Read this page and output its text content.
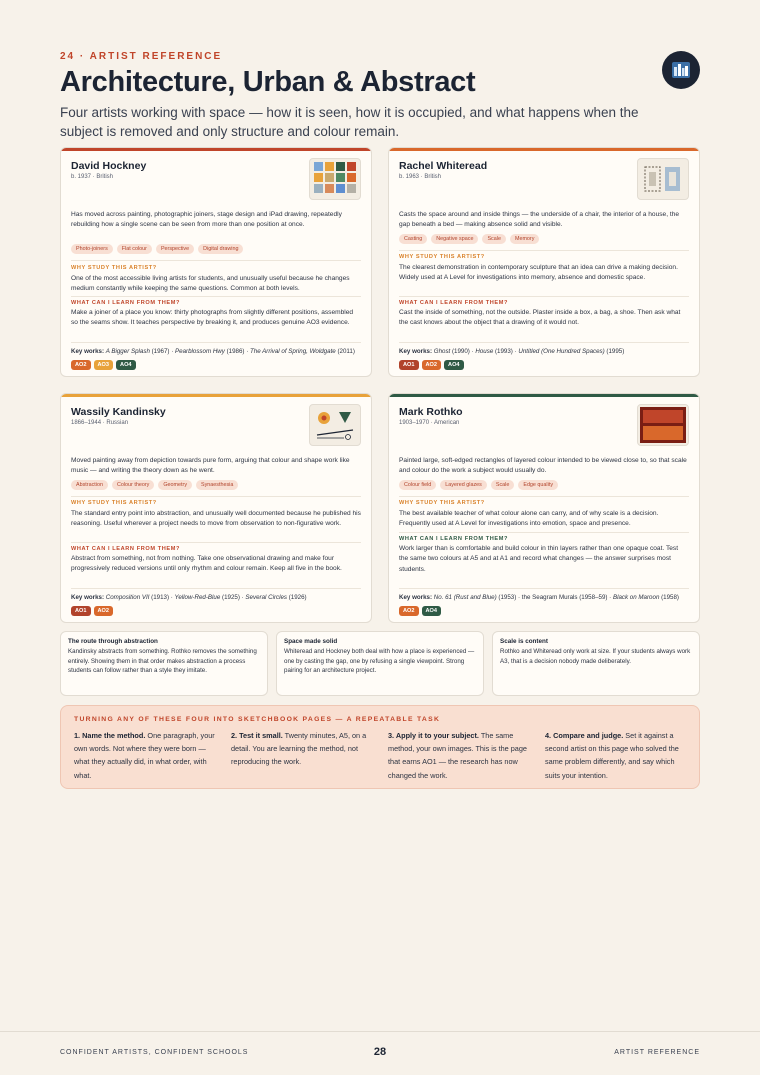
24 · ARTIST REFERENCE
Architecture, Urban & Abstract
Four artists working with space — how it is seen, how it is occupied, and what happens when the subject is removed and only structure and colour remain.
David Hockney
b. 1937 · British
Has moved across painting, photographic joiners, stage design and iPad drawing, repeatedly rebuilding how a single scene can be seen from more than one position at once.
Photo-joiners	Flat colour	Perspective	Digital drawing
WHY STUDY THIS ARTIST?
One of the most accessible living artists for students, and unusually useful because he changes medium constantly while keeping the same questions. Common at both levels.
WHAT CAN I LEARN FROM THEM?
Make a joiner of a place you know: thirty photographs from slightly different positions, assembled so the seams show. It teaches perspective by breaking it, and produces genuine AO3 evidence.
Key works: A Bigger Splash (1967) · Pearblossom Hwy (1986) · The Arrival of Spring, Woldgate (2011)
AO2	AO3	AO4
Rachel Whiteread
b. 1963 · British
Casts the space around and inside things — the underside of a chair, the interior of a house, the gap beneath a bed — making absence solid and visible.
Casting	Negative space	Scale	Memory
WHY STUDY THIS ARTIST?
The clearest demonstration in contemporary sculpture that an idea can drive a making decision. Widely used at A Level for investigations into memory, absence and domestic space.
WHAT CAN I LEARN FROM THEM?
Cast the inside of something, not the outside. Plaster inside a box, a bag, a shoe. Then ask what the cast knows about the object that a drawing of it would not.
Key works: Ghost (1990) · House (1993) · Untitled (One Hundred Spaces) (1995)
AO1	AO2	AO4
Wassily Kandinsky
1866–1944 · Russian
Moved painting away from depiction towards pure form, arguing that colour and shape work like music — and writing the theory down as he went.
Abstraction	Colour theory	Geometry	Synaesthesia
WHY STUDY THIS ARTIST?
The standard entry point into abstraction, and unusually well documented because he published his reasoning. Useful wherever a project needs to move from observation to non-figurative work.
WHAT CAN I LEARN FROM THEM?
Abstract from something, not from nothing. Take one observational drawing and make four progressively reduced versions until only rhythm and colour remain. Keep all five in the book.
Key works: Composition VII (1913) · Yellow-Red-Blue (1925) · Several Circles (1926)
AO1	AO2
Mark Rothko
1903–1970 · American
Painted large, soft-edged rectangles of layered colour intended to be viewed close to, so that scale and colour do the work a subject would usually do.
Colour field	Layered glazes	Scale	Edge quality
WHY STUDY THIS ARTIST?
The best available teacher of what colour alone can carry, and of why scale is a decision. Frequently used at A Level for investigations into emotion, space and presence.
WHAT CAN I LEARN FROM THEM?
Work larger than is comfortable and build colour in thin layers rather than one opaque coat. Test the same two colours at A5 and at A1 and record what changes — the answer surprises most students.
Key works: No. 61 (Rust and Blue) (1953) · the Seagram Murals (1958–59) · Black on Maroon (1958)
AO2	AO4
The route through abstraction
Kandinsky abstracts from something. Rothko removes the something entirely. Showing them in that order makes abstraction a process students can follow rather than a style they imitate.
Space made solid
Whiteread and Hockney both deal with how a place is experienced — one by casting the gap, one by refusing a single viewpoint. Strong pairing for an architecture project.
Scale is content
Rothko and Whiteread only work at size. If your students always work A3, that is a decision nobody made deliberately.
TURNING ANY OF THESE FOUR INTO SKETCHBOOK PAGES — A REPEATABLE TASK
1. Name the method. One paragraph, your own words. Not where they were born — what they actually did, in what order, with what.
2. Test it small. Twenty minutes, A5, on a detail. You are learning the method, not reproducing the work.
3. Apply it to your subject. The same method, your own images. This is the page that earns AO1 — the research has now changed the work.
4. Compare and judge. Set it against a second artist on this page who solved the same problem differently, and say which suits your intention.
CONFIDENT ARTISTS, CONFIDENT SCHOOLS	28	ARTIST REFERENCE
